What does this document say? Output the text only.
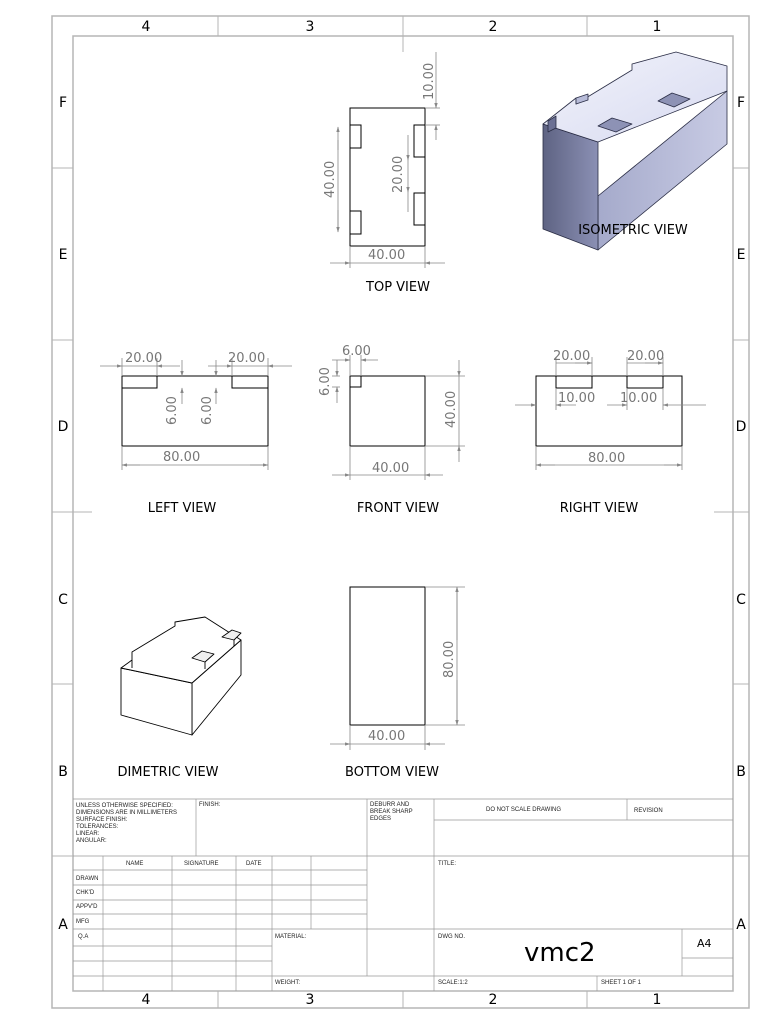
4	3	2	1
4	3	2	1
F
E
D
C
B
A
F
E
D
C
B
A
10.00
40.00	20.00
40.00
TOP VIEW
ISOMETRIC VIEW
20.00	20.00
6.00 6.00
80.00
LEFT VIEW
6.00
6.00
40.00
40.00
FRONT VIEW
20.00	20.00
10.00 10.00
80.00
RIGHT VIEW
DIMETRIC VIEW
80.00
40.00
BOTTOM VIEW
UNLESS OTHERWISE SPECIFIED:
DIMENSIONS ARE IN MILLIMETERS
SURFACE FINISH:
TOLERANCES:
LINEAR:
ANGULAR:
FINISH:	DEBURR AND
BREAK SHARP
EDGES
DO NOT SCALE DRAWING	REVISION
NAME	SIGNATURE	DATE
DRAWN
CHK'D
APPV'D
MFG
Q.A
TITLE:
MATERIAL:
WEIGHT:
DWG NO.
vmc2	A4
SCALE:1:2	SHEET 1 OF 1
